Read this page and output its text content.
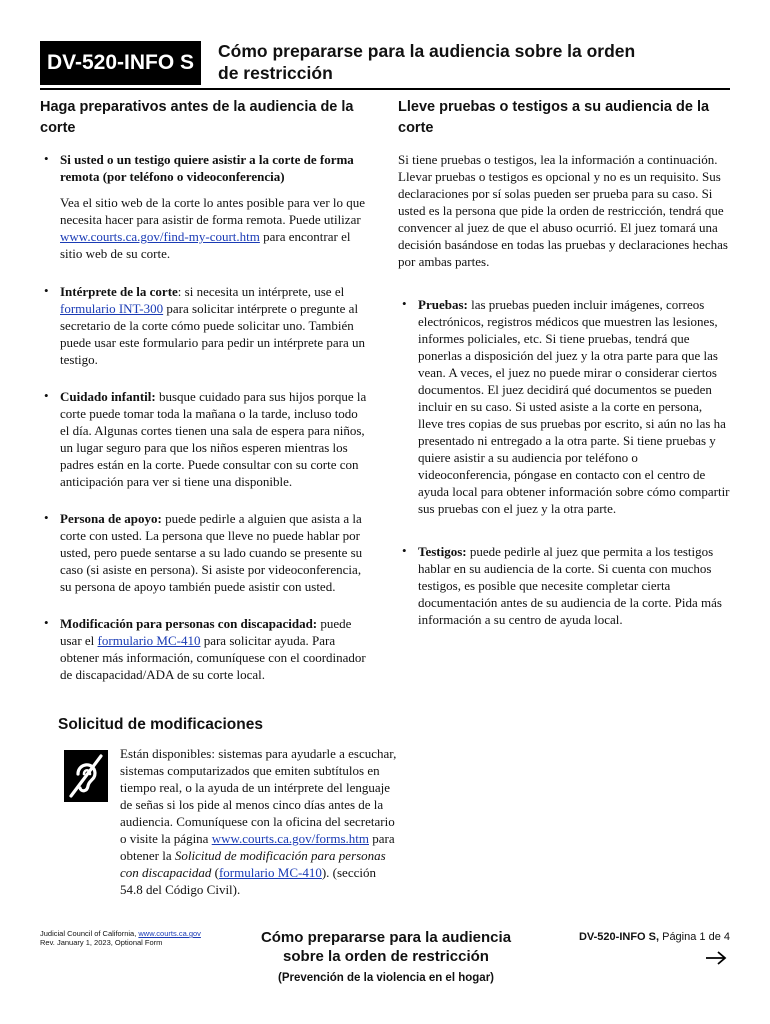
DV-520-INFO S	Cómo prepararse para la audiencia sobre la orden
de restricción
Haga preparativos antes de la audiencia de la corte
• Si usted o un testigo quiere asistir a la corte de forma remota (por teléfono o videoconferencia)

Vea el sitio web de la corte lo antes posible para ver lo que necesita hacer para asistir de forma remota. Puede utilizar www.courts.ca.gov/find-my-court.htm para encontrar el sitio web de su corte.

• Intérprete de la corte: si necesita un intérprete, use el formulario INT-300 para solicitar intérprete o pregunte al secretario de la corte cómo puede solicitar uno. También puede usar este formulario para pedir un intérprete para un testigo.

• Cuidado infantil: busque cuidado para sus hijos porque la corte puede tomar toda la mañana o la tarde, incluso todo el día. Algunas cortes tienen una sala de espera para niños, un lugar seguro para que los niños esperen mientras los padres están en la corte. Puede consultar con su corte con anticipación para ver si tiene una disponible.

• Persona de apoyo: puede pedirle a alguien que asista a la corte con usted. La persona que lleve no puede hablar por usted, pero puede sentarse a su lado cuando se presente su caso (si asiste en persona). Si asiste por videoconferencia, su persona de apoyo también puede asistir con usted.

• Modificación para personas con discapacidad: puede usar el formulario MC-410 para solicitar ayuda. Para obtener más información, comuníquese con el coordinador de discapacidad/ADA de su corte local.

Lleve pruebas o testigos a su audiencia de la corte

Si tiene pruebas o testigos, lea la información a continuación. Llevar pruebas o testigos es opcional y no es un requisito. Sus declaraciones por sí solas pueden ser prueba para su caso. Si usted es la persona que pide la orden de restricción, tendrá que convencer al juez de que el abuso ocurrió. El juez tomará una decisión basándose en todas las pruebas y declaraciones hechas por ambas partes.

• Pruebas: las pruebas pueden incluir imágenes, correos electrónicos, registros médicos que muestren las lesiones, informes policiales, etc. Si tiene pruebas, tendrá que ponerlas a disposición del juez y la otra parte para que las vean. A veces, el juez no puede mirar o considerar ciertos documentos. El juez decidirá qué documentos se pueden incluir en su caso. Si usted asiste a la corte en persona, lleve tres copias de sus pruebas por escrito, si aún no las ha presentado ni entregado a la otra parte. Si tiene pruebas y quiere asistir a su audiencia por teléfono o videoconferencia, póngase en contacto con el centro de ayuda local para obtener información sobre cómo compartir sus pruebas con el juez y la otra parte.

• Testigos: puede pedirle al juez que permita a los testigos hablar en su audiencia de la corte. Si cuenta con muchos testigos, es posible que necesite completar cierta documentación antes de su audiencia de la corte. Pida más información a su centro de ayuda local.

Solicitud de modificaciones

Están disponibles: sistemas para ayudarle a escuchar, sistemas computarizados que emiten subtítulos en tiempo real, o la ayuda de un intérprete del lenguaje de señas si los pide al menos cinco días antes de la audiencia. Comuníquese con la oficina del secretario o visite la página www.courts.ca.gov/forms.htm para obtener la Solicitud de modificación para personas con discapacidad (formulario MC-410). (sección 54.8 del Código Civil).

Judicial Council of California, www.courts.ca.gov
Rev. January 1, 2023, Optional Form	Cómo prepararse para la audiencia
sobre la orden de restricción
(Prevención de la violencia en el hogar)
DV-520-INFO S, Página 1 de 4
